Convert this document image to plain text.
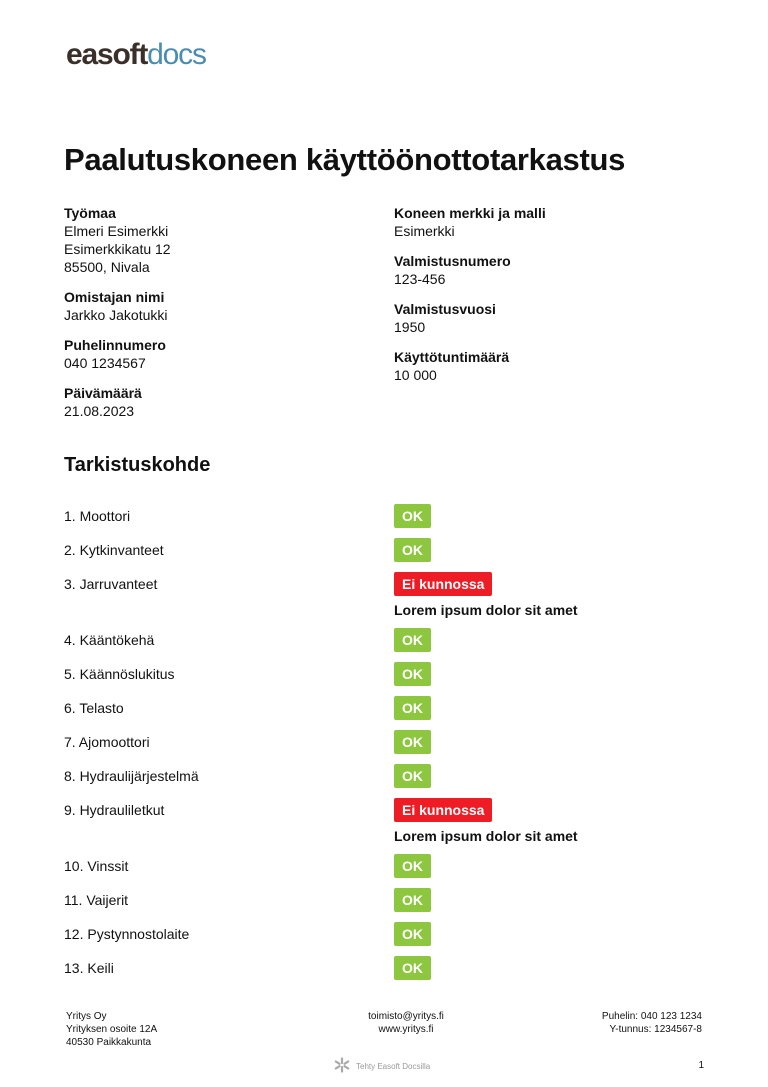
easoftdocs
Paalutuskoneen käyttöönottotarkastus
Työmaa
Elmeri Esimerkki
Esimerkkikatu 12
85500, Nivala
Omistajan nimi
Jarkko Jakotukki
Puhelinnumero
040 1234567
Päivämäärä
21.08.2023
Koneen merkki ja malli
Esimerkki
Valmistusnumero
123-456
Valmistusvuosi
1950
Käyttötuntimäärä
10 000
Tarkistuskohde
1. Moottori	OK
2. Kytkinvanteet	OK
3. Jarruvanteet	Ei kunnossa
Lorem ipsum dolor sit amet
4. Kääntökehä	OK
5. Käännöslukitus	OK
6. Telasto	OK
7. Ajomoottori	OK
8. Hydraulijärjestelmä	OK
9. Hydrauliletkut	Ei kunnossa
Lorem ipsum dolor sit amet
10. Vinssit	OK
11. Vaijerit	OK
12. Pystynnostolaite	OK
13. Keili	OK
Yritys Oy
Yrityksen osoite 12A
40530 Paikkakunta
toimisto@yritys.fi
www.yritys.fi
Puhelin: 040 123 1234
Y-tunnus: 1234567-8
Tehty Easoft Docsilla	1
